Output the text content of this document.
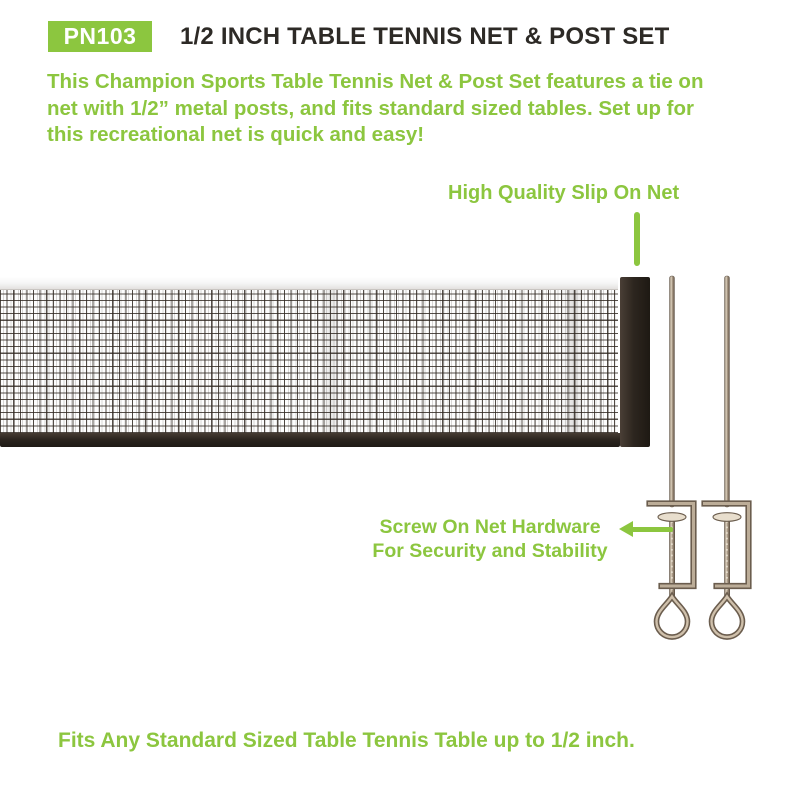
PN103 1/2 INCH TABLE TENNIS NET & POST SET
This Champion Sports Table Tennis Net & Post Set features a tie on
net with 1/2” metal posts, and fits standard sized tables. Set up for
this recreational net is quick and easy!
High Quality Slip On Net
Screw On Net Hardware
For Security and Stability
Fits Any Standard Sized Table Tennis Table up to 1/2 inch.
